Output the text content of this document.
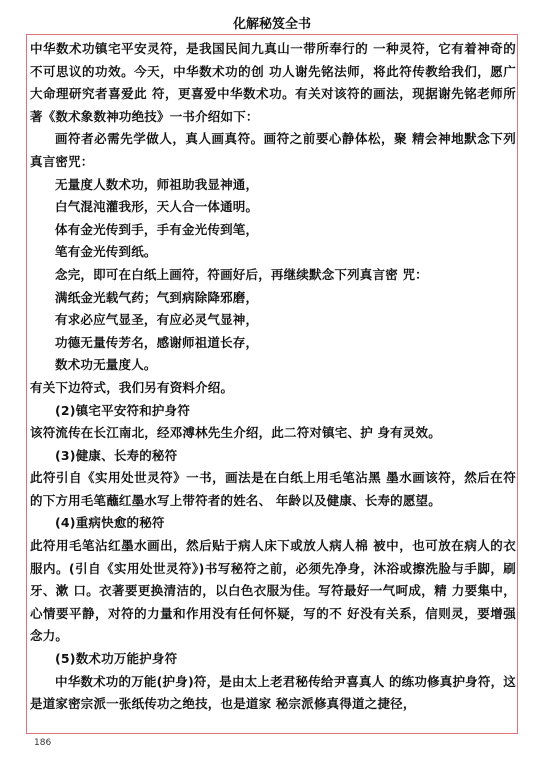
化解秘笈全书

中华数术功镇宅平安灵符，是我国民间九真山一带所奉行的 一种灵符，它有着神奇的不可思议的功效。今天，中华数术功的创 功人谢先铭法师，将此符传教给我们，愿广大命理研究者喜爱此 符，更喜爱中华数术功。有关对该符的画法，现据谢先铭老师所著《数术象数神功绝技》一书介绍如下：

画符者必需先学做人，真人画真符。画符之前要心静体松，聚 精会神地默念下列真言密咒：

无量度人数术功，师祖助我显神通，

白气混沌灌我形，天人合一体通明。

体有金光传到手，手有金光传到笔，

笔有金光传到纸。

念完，即可在白纸上画符，符画好后，再继续默念下列真言密 咒：

满纸金光载气药；气到病除降邪磨，

有求必应气显圣，有应必灵气显神，

功德无量传芳名，感谢师祖道长存，

数术功无量度人。

有关下边符式，我们另有资料介绍。

(2)镇宅平安符和护身符

该符流传在长江南北，经邓溥林先生介绍，此二符对镇宅、护 身有灵效。

(3)健康、长寿的秘符

此符引自《实用处世灵符》一书，画法是在白纸上用毛笔沾黑 墨水画该符，然后在符的下方用毛笔蘸红墨水写上带符者的姓名、 年龄以及健康、长寿的愿望。

(4)重病快愈的秘符

此符用毛笔沾红墨水画出，然后贴于病人床下或放人病人棉 被中，也可放在病人的衣服内。(引自《实用处世灵符》)书写秘符之前，必须先净身，沐浴或擦洗脸与手脚，刷牙、漱 口。衣著要更换清洁的，以白色衣服为佳。写符最好一气呵成，精 力要集中，心情要平静，对符的力量和作用没有任何怀疑，写的不 好没有关系，信则灵，要增强念力。

(5)数术功万能护身符

中华数术功的万能(护身)符，是由太上老君秘传给尹喜真人 的练功修真护身符，这是道家密宗派一张纸传功之绝技，也是道家 秘宗派修真得道之捷径，

186
